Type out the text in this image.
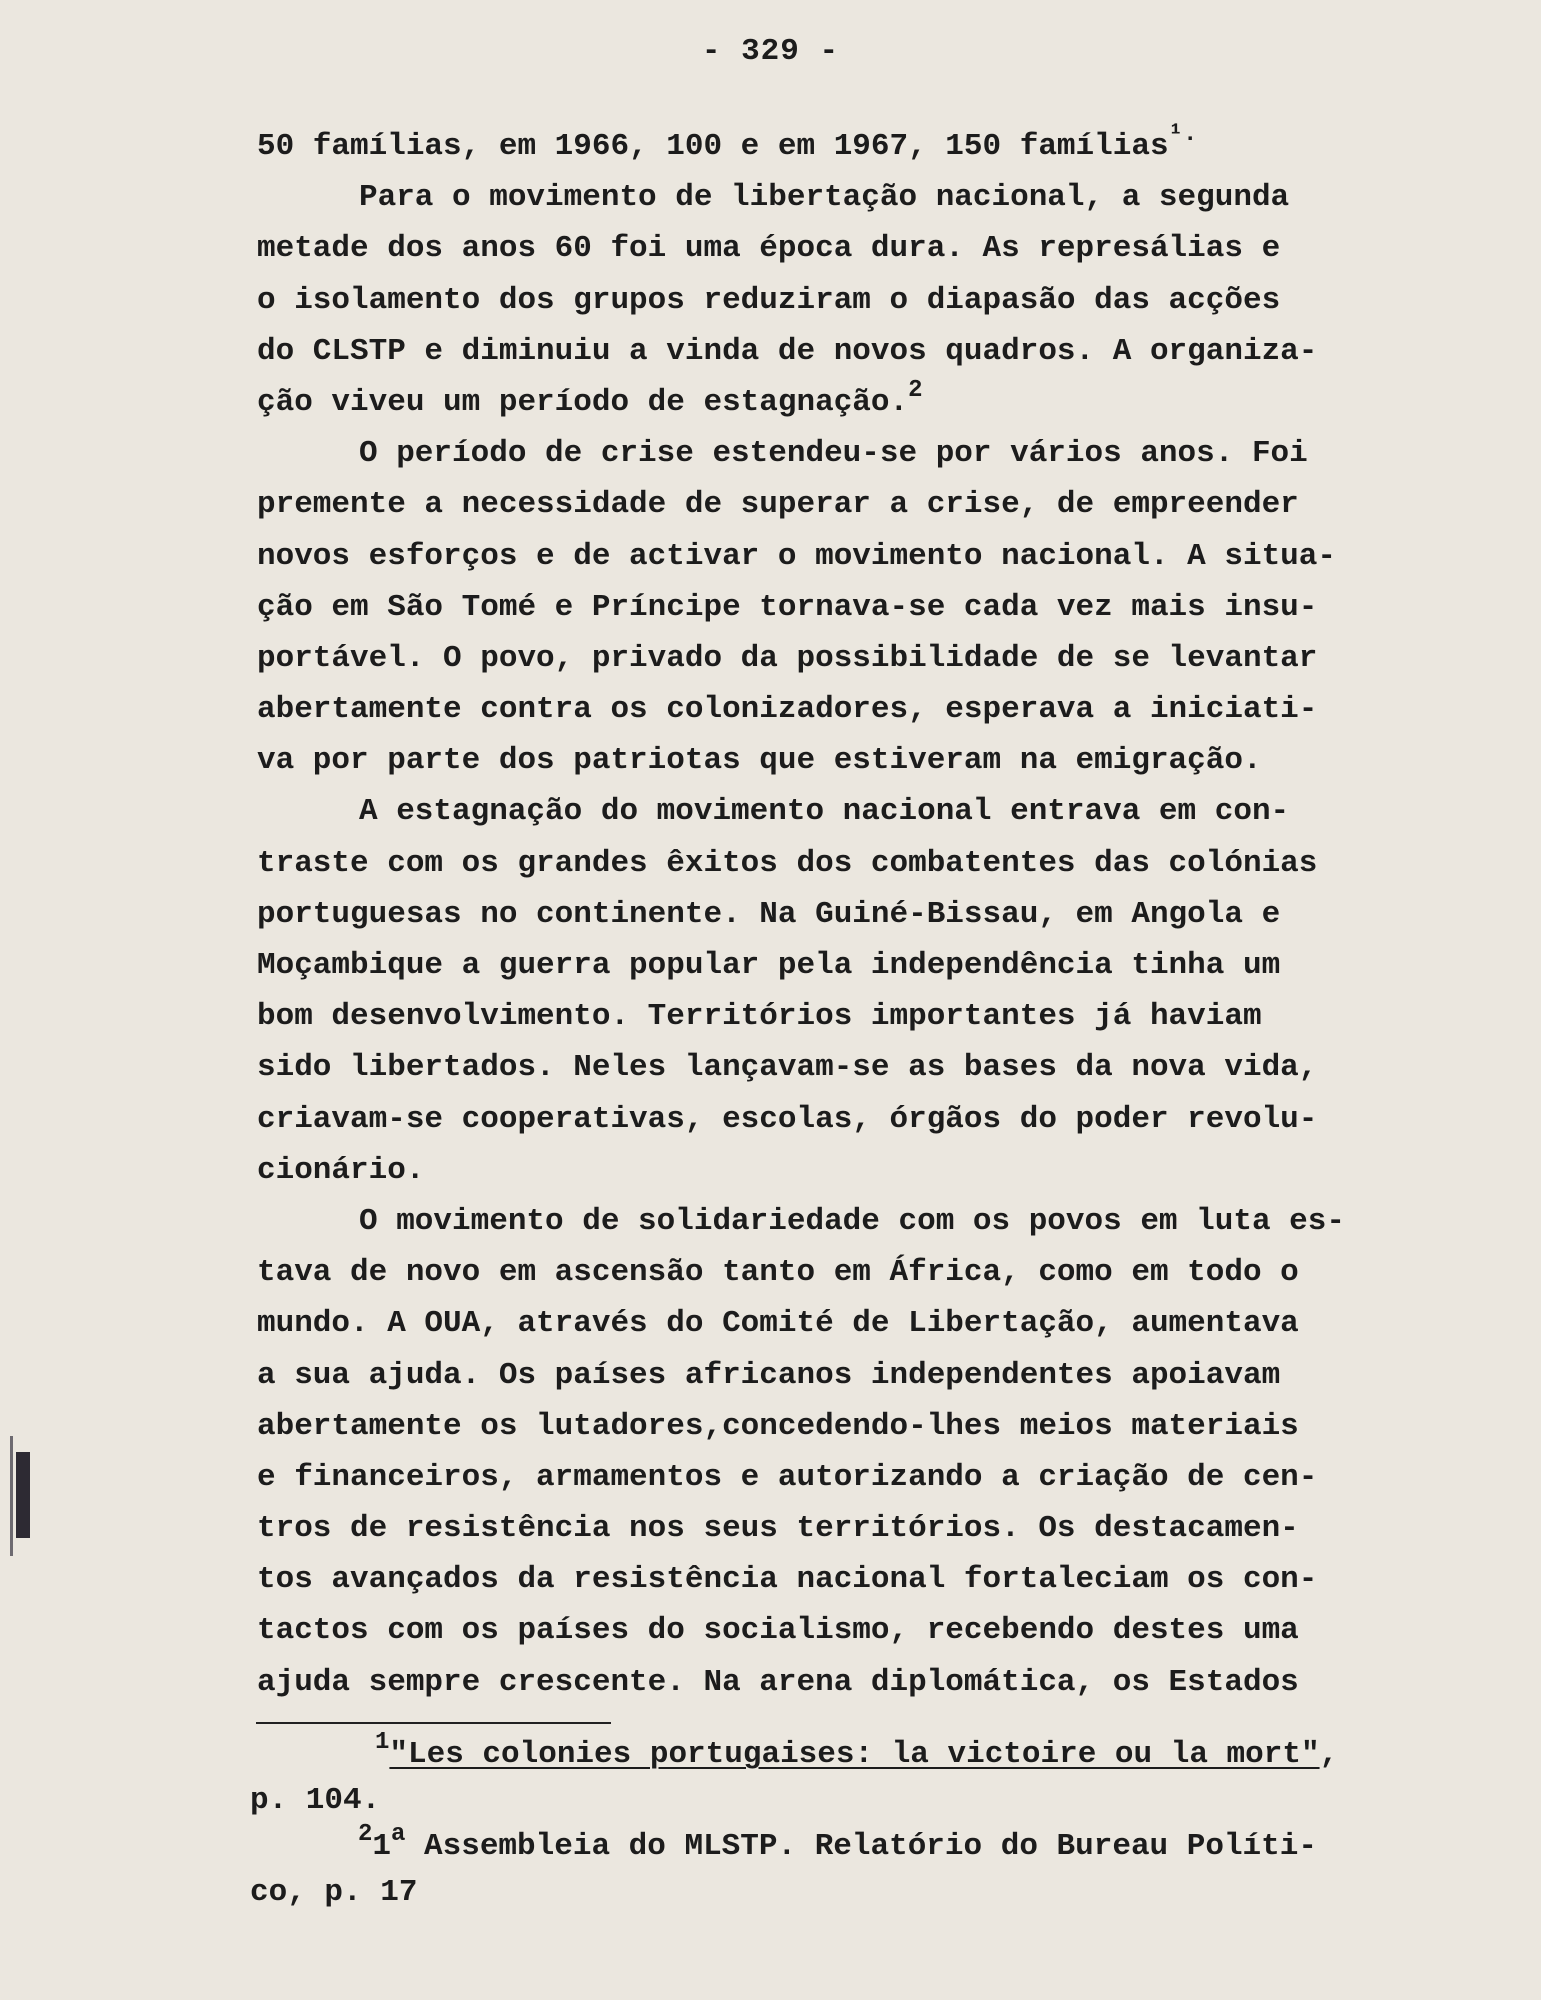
- 329 -
50 famílias, em 1966, 100 e em 1967, 150 famílias$^{^1.}$
Para o movimento de libertação nacional, a segunda
metade dos anos 60 foi uma época dura. As represálias e
o isolamento dos grupos reduziram o diapasão das acções
do CLSTP e diminuiu a vinda de novos quadros. A organiza-
ção viveu um período de estagnação.$^2$
O período de crise estendeu-se por vários anos. Foi
premente a necessidade de superar a crise, de empreender
novos esforços e de activar o movimento nacional. A situa-
ção em São Tomé e Príncipe tornava-se cada vez mais insu-
portável. O povo, privado da possibilidade de se levantar
abertamente contra os colonizadores, esperava a iniciati-
va por parte dos patriotas que estiveram na emigração.
A estagnação do movimento nacional entrava em con-
traste com os grandes êxitos dos combatentes das colónias
portuguesas no continente. Na Guiné-Bissau, em Angola e
Moçambique a guerra popular pela independência tinha um
bom desenvolvimento. Territórios importantes já haviam
sido libertados. Neles lançavam-se as bases da nova vida,
criavam-se cooperativas, escolas, órgãos do poder revolu-
cionário.
O movimento de solidariedade com os povos em luta es-
tava de novo em ascensão tanto em África, como em todo o
mundo. A OUA, através do Comité de Libertação, aumentava
a sua ajuda. Os países africanos independentes apoiavam
abertamente os lutadores,concedendo-lhes meios materiais
e financeiros, armamentos e autorizando a criação de cen-
tros de resistência nos seus territórios. Os destacamen-
tos avançados da resistência nacional fortaleciam os con-
tactos com os países do socialismo, recebendo destes uma
ajuda sempre crescente. Na arena diplomática, os Estados
$^1$"Les colonies portugaises: la victoire ou la mort",
p. 104.
$^2$1$^a$ Assembleia do MLSTP. Relatório do Bureau Políti-
co, p. 17
